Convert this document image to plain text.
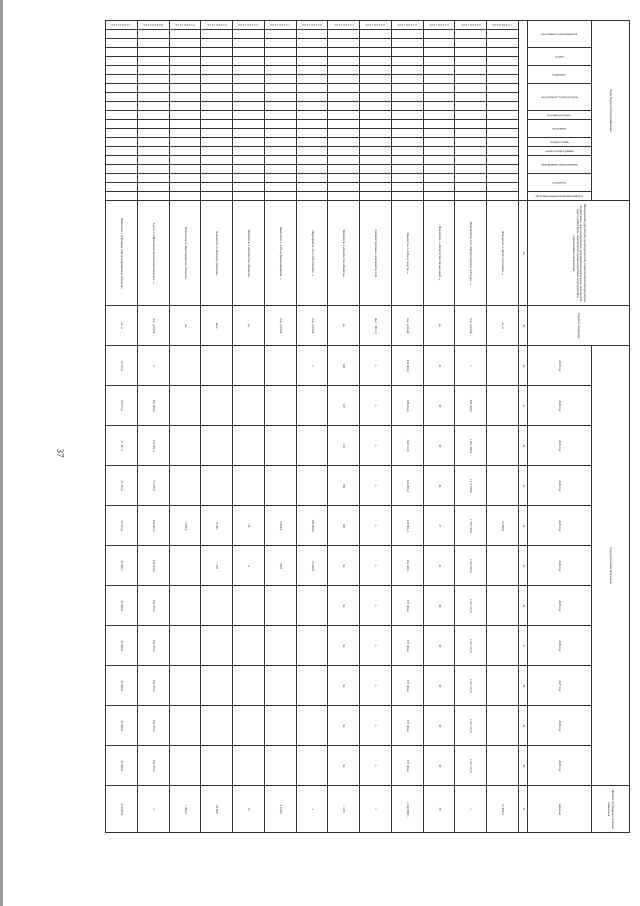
37
Коды бюджетной классификации																				Наименование программы, целей программы, показателей целей программы, подпрограмм, задач подпрограмм, мероприятий подпрограмм, показателей задач подпрограмм, мероприятий, административных мероприятий и показателей их выполнения	Единица измерения	Годы реализации программы											Целевое (суммарное) значение показателя
код главного распорядителя			раздел		подраздел		код целевой статьи расходов			код вида расходов	программа		подпрограмма	задача подпрограммы	мероприятие подпрограммы		показатель		Дополнительный аналитический код			2019 год	2020 год	2021 год	2022 год	2023 год	2024 год	2025 год	2026 год	2027 год	2028 год	2029 год	значение
																				28	29	30	31	32	33	34	35	36	37	38	39	40	41
3 0 0 0 3 0 0 0 1																				Показатель 3 «Доля участников...»	ед. м					12 500,0							12 500,0
3 0 0 1 0 0 0 0 0																				Мероприятие 4.01 «Предоставление субсидии...»	тыс. рублей	х	988 369,2	1 261 359,4	1 173 018,6	1 750 728,8	1 543 952,5	1 447 371,0	1 447 371,0	1 447 371,0	1 447 371,0	1 447 371,0	х
3 0 0 1 0 0 0 0 1																				Показатель 1 «Количество организаций...»	ед.	41	39	39	46	37	41	40	39	39	39	39	39
3 0 0 1 0 0 0 1 0																				Показатель 2 «Объем средств...»	тыс. рублей	250 300,2	258 222,6	369 134,5	162 995,4	169 891,3	161 429,1	157 496,6	157 496,6	157 496,6	157 496,6	157 496,6	1 548 588,3
3 0 0 1 0 0 0 2 0																				Административное мероприятие 4.02	Да-1 / Нет-0	1	1	1	1	1	1	1	1	1	1	1	х
3 0 0 1 0 0 0 2 1																				Показатель 1 «Количество объектов»	ед.	108	147	212	159	100	54	54	54	54	54	54	1 108
3 0 0 1 0 0 0 3 0																				Мероприятие 4.03 «Обеспечение...»	тыс. рублей	х				300 000,0	74 240,0						х
3 0 0 1 0 0 0 3 1																				Показатель 1 «Объем финансирования...»	тыс. рублей					2 904,0	750,0						2 160,0
3 0 0 1 0 0 0 3 2																				Показатель 2 «Количество объектов»	ед.					18	4						23
3 0 0 1 0 0 0 3 3																				Показатель 3 «Площадь объектов»	кв.м					11 091	7 195						18 890
3 0 0 1 0 0 0 3 4																				Показатель 4 «Протяженность объектов»	км					7 000,0							7 000,0
3 0 0 2 0 0 0 0 0																				Задача 3 «Проведение капитального ремонта...»	тыс. рублей	х	161 000,0	121 851,3	93 559,5	216 603,5	236 475,8	241 795,3	241 795,3	241 795,3	241 795,3	241 795,3	х
3 0 0 2 0 0 0 0 1																				Показатель 1 «Площадь отремонтированных объектов»	кв. м	33 379,2	69 975,2	27 487,3	47 302,3	62 203,4	31 600,1	31 000,0	31 000,0	31 000,0	31 000,0	31 000,0	514 685,0
